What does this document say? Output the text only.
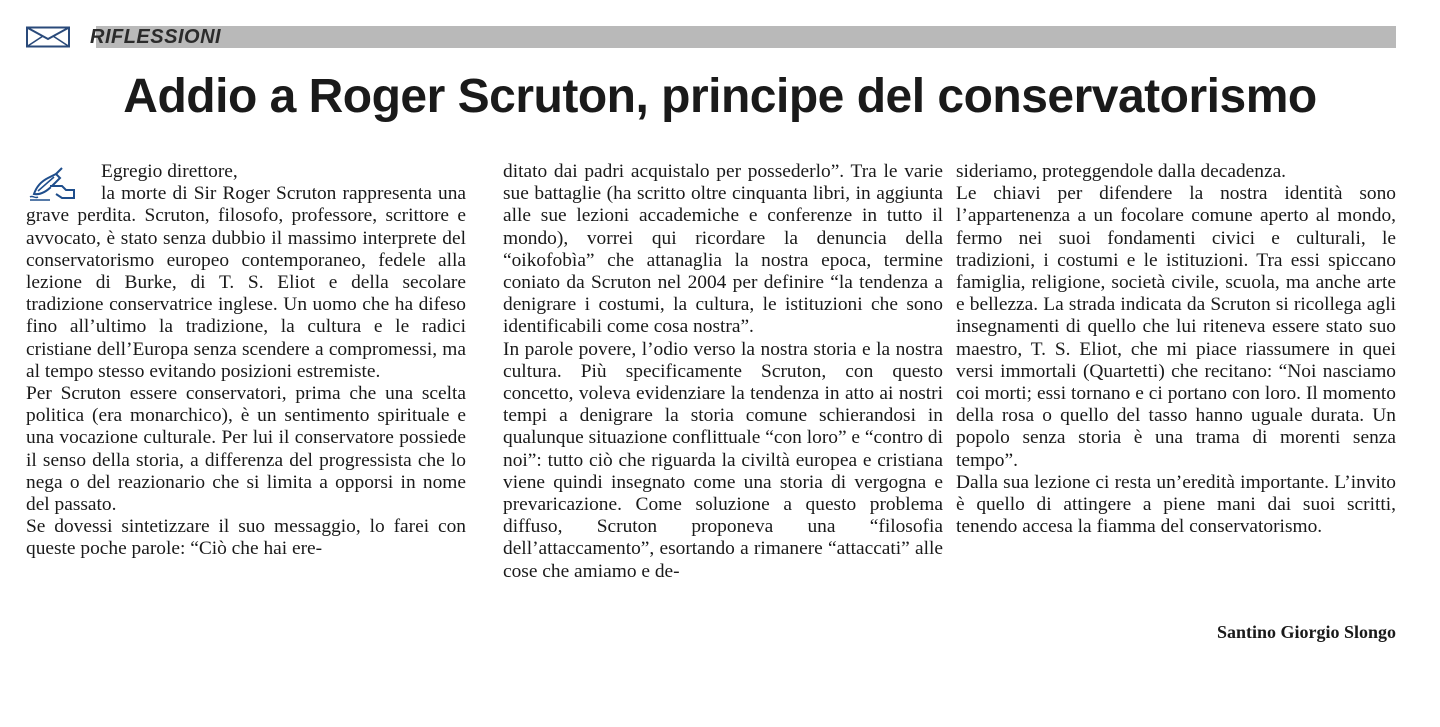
RIFLESSIONI
Addio a Roger Scruton, principe del conservatorismo

Egregio direttore,

la morte di Sir Roger Scruton rappresenta una grave perdita. Scruton, filosofo, professore, scrittore e avvocato, è stato senza dubbio il massimo interprete del conservatorismo europeo contemporaneo, fedele alla lezione di Burke, di T. S. Eliot e della secolare tradizione conservatrice inglese. Un uomo che ha difeso fino all’ultimo la tradizione, la cultura e le radici cristiane dell’Europa senza scendere a compromessi, ma al tempo stesso evitando posizioni estremiste.

Per Scruton essere conservatori, prima che una scelta politica (era monarchico), è un sentimento spirituale e una vocazione culturale. Per lui il conservatore possiede il senso della storia, a differenza del progressista che lo nega o del reazionario che si limita a opporsi in nome del passato.

Se dovessi sintetizzare il suo messaggio, lo farei con queste poche parole: “Ciò che hai ere-

ditato dai padri acquistalo per possederlo”. Tra le varie sue battaglie (ha scritto oltre cinquanta libri, in aggiunta alle sue lezioni accademiche e conferenze in tutto il mondo), vorrei qui ricordare la denuncia della “oikofobìa” che attanaglia la nostra epoca, termine coniato da Scruton nel 2004 per definire “la tendenza a denigrare i costumi, la cultura, le istituzioni che sono identificabili come cosa nostra”.

In parole povere, l’odio verso la nostra storia e la nostra cultura. Più specificamente Scruton, con questo concetto, voleva evidenziare la tendenza in atto ai nostri tempi a denigrare la storia comune schierandosi in qualunque situazione conflittuale “con loro” e “contro di noi”: tutto ciò che riguarda la civiltà europea e cristiana viene quindi insegnato come una storia di vergogna e prevaricazione. Come soluzione a questo problema diffuso, Scruton proponeva una “filosofia dell’attaccamento”, esortando a rimanere “attaccati” alle cose che amiamo e de-

sideriamo, proteggendole dalla decadenza.

Le chiavi per difendere la nostra identità sono l’appartenenza a un focolare comune aperto al mondo, fermo nei suoi fondamenti civici e culturali, le tradizioni, i costumi e le istituzioni. Tra essi spiccano famiglia, religione, società civile, scuola, ma anche arte e bellezza. La strada indicata da Scruton si ricollega agli insegnamenti di quello che lui riteneva essere stato suo maestro, T. S. Eliot, che mi piace riassumere in quei versi immortali (Quartetti) che recitano: “Noi nasciamo coi morti; essi tornano e ci portano con loro. Il momento della rosa o quello del tasso hanno uguale durata. Un popolo senza storia è una trama di morenti senza tempo”.

Dalla sua lezione ci resta un’eredità importante. L’invito è quello di attingere a piene mani dai suoi scritti, tenendo accesa la fiamma del conservatorismo.

Santino Giorgio Slongo
